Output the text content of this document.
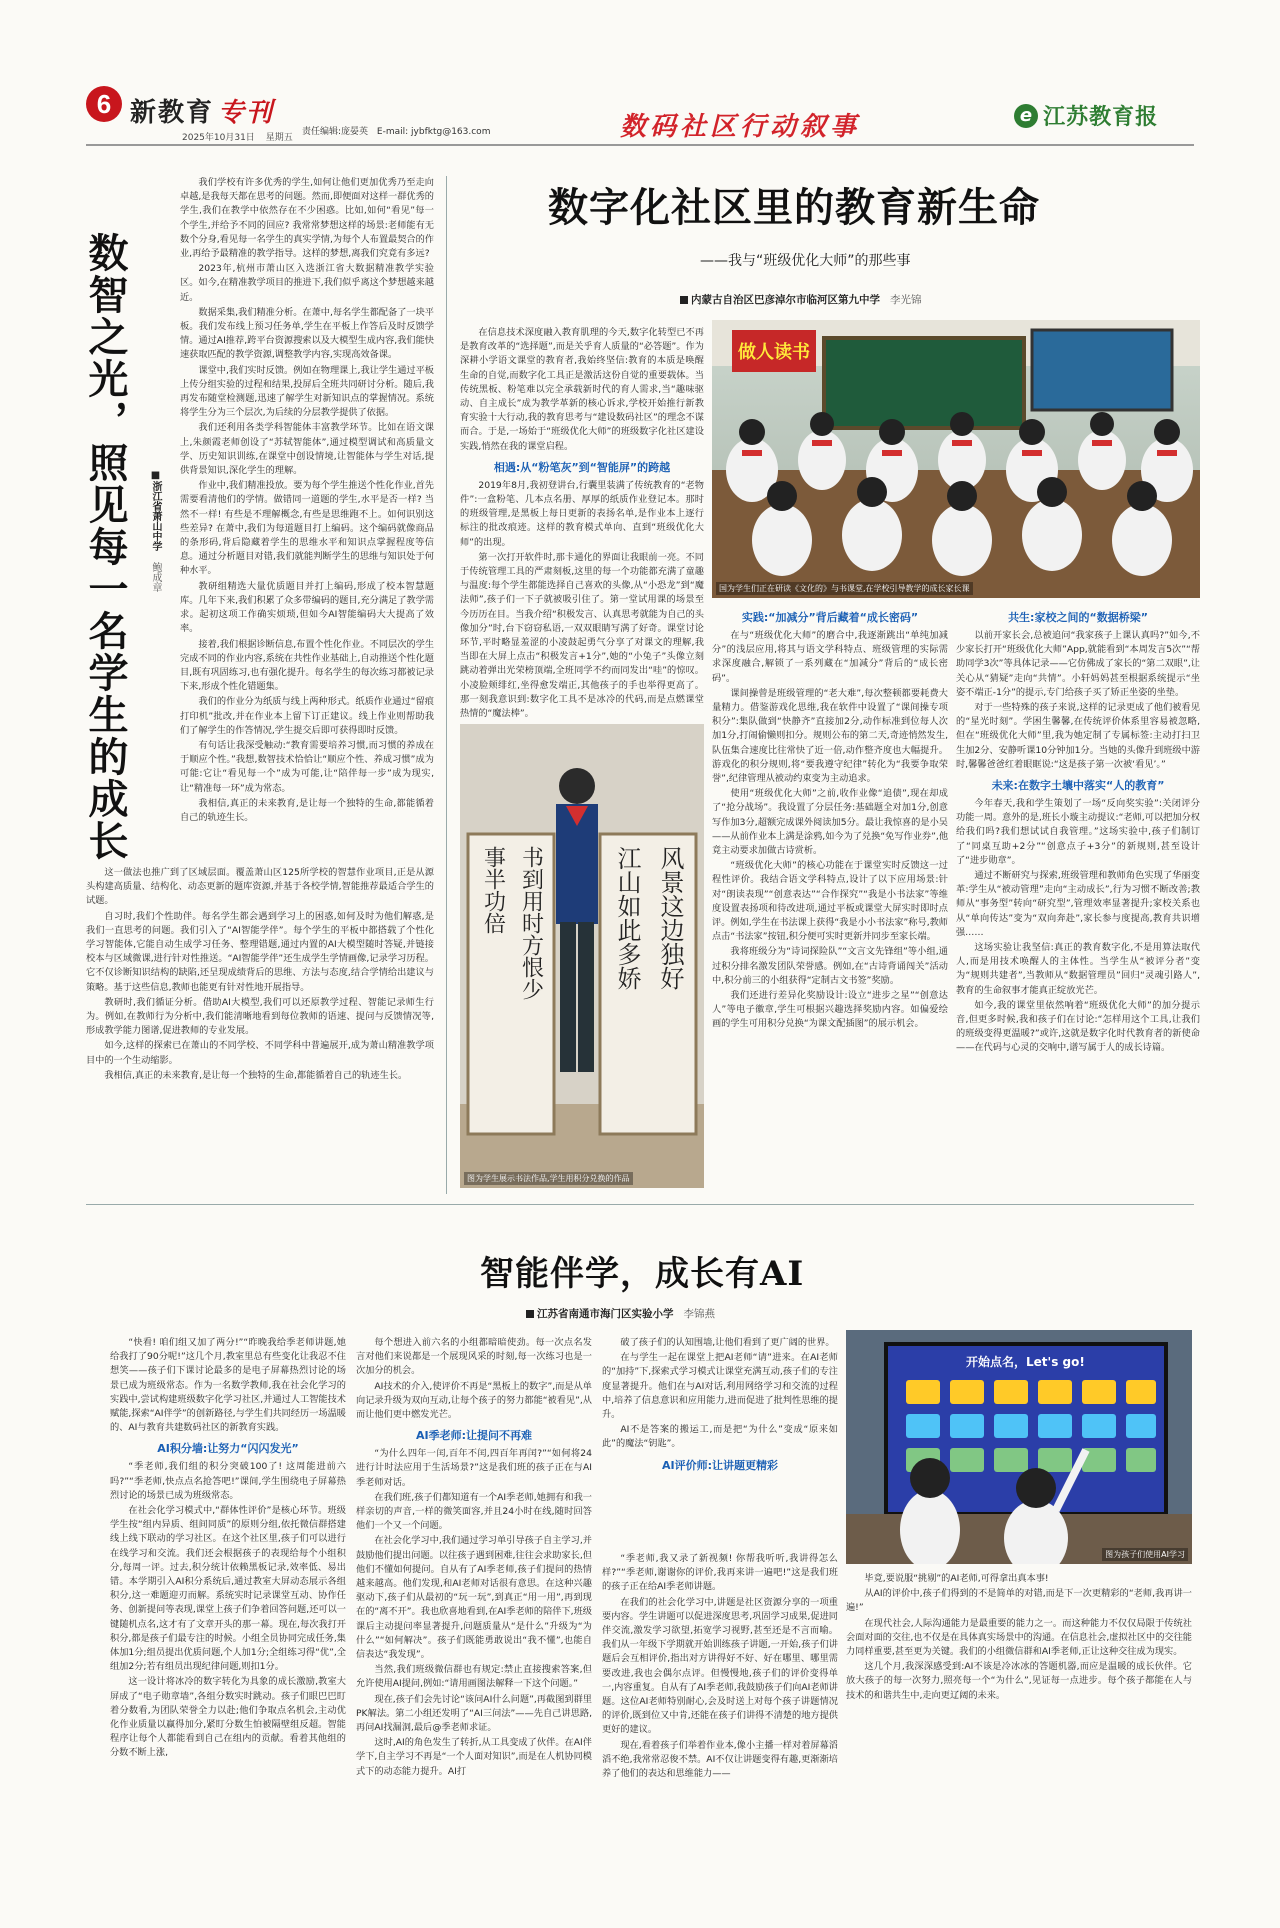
6 新教育 专刊
2025年10月31日 星期五
责任编辑:庞晏英 E-mail: jybfktg@163.com	数码社区行动叙事	e 江苏教育报
数智之光，照见每一名学生的成长	■浙江省萧山中学 鲍成章

我们学校有许多优秀的学生,如何让他们更加优秀乃至走向卓越,是我每天都在思考的问题。然而,即便面对这样一群优秀的学生,我们在教学中依然存在不少困惑。比如,如何“看见”每一个学生,并给予不同的回应? 我常常梦想这样的场景:老师能有无数个分身,看见每一名学生的真实学情,为每个人布置最契合的作业,再给予最精准的教学指导。这样的梦想,离我们究竟有多远?

2023年,杭州市萧山区入选浙江省大数据精准教学实验区。如今,在精准教学项目的推进下,我们似乎离这个梦想越来越近。

数据采集,我们精准分析。在萧中,每名学生都配备了一块平板。我们发布线上预习任务单,学生在平板上作答后及时反馈学情。通过AI推荐,跨平台资源搜索以及大模型生成内容,我们能快速获取匹配的教学资源,调整教学内容,实现高效备课。

课堂中,我们实时反馈。例如在物理课上,我让学生通过平板上传分组实验的过程和结果,投屏后全班共同研讨分析。随后,我再发布随堂检测题,迅速了解学生对新知识点的掌握情况。系统将学生分为三个层次,为后续的分层教学提供了依据。

我们还利用各类学科智能体丰富教学环节。比如在语文课上,朱颜霞老师创设了“苏轼智能体”,通过模型调试和高质量文学、历史知识训练,在课堂中创设情境,让智能体与学生对话,提供背景知识,深化学生的理解。

作业中,我们精准投放。要为每个学生推送个性化作业,首先需要看清他们的学情。做错同一道题的学生,水平是否一样? 当然不一样! 有些是不理解概念,有些是思维跑不上。如何识别这些差异? 在萧中,我们为每道题目打上编码。这个编码就像商品的条形码,背后隐藏着学生的思维水平和知识点掌握程度等信息。通过分析题目对错,我们就能判断学生的思维与知识处于何种水平。

教研组精选大量优质题目并打上编码,形成了校本智慧题库。几年下来,我们积累了众多带编码的题目,充分满足了教学需求。起初这项工作确实烦琐,但如今AI智能编码大大提高了效率。

接着,我们根据诊断信息,布置个性化作业。不同层次的学生完成不同的作业内容,系统在共性作业基础上,自动推送个性化题目,既有巩固练习,也有强化提升。每名学生的每次练习都被记录下来,形成个性化错题集。

我们的作业分为纸质与线上两种形式。纸质作业通过“留痕打印机”批改,并在作业本上留下订正建议。线上作业则帮助我们了解学生的作答情况,学生提交后即可获得即时反馈。

有句话让我深受触动:“教育需要培养习惯,而习惯的养成在于顺应个性。”我想,数智技术恰恰让“顺应个性、养成习惯”成为可能:它让“看见每一个”成为可能,让“陪伴每一步”成为现实,让“精准每一环”成为常态。

我相信,真正的未来教育,是让每一个独特的生命,都能循着自己的轨迹生长。

这一做法也推广到了区域层面。覆盖萧山区125所学校的智慧作业项目,正是从源头构建高质量、结构化、动态更新的题库资源,并基于各校学情,智能推荐最适合学生的试题。

自习时,我们个性助伴。每名学生都会遇到学习上的困惑,如何及时为他们解惑,是我们一直思考的问题。我们引入了“AI智能学伴”。每个学生的平板中都搭载了个性化学习智能体,它能自动生成学习任务、整理错题,通过内置的AI大模型随时答疑,并链接校本与区域微课,进行针对性推送。“AI智能学伴”还生成学生学情画像,记录学习历程。它不仅诊断知识结构的缺陷,还呈现成绩背后的思维、方法与态度,结合学情给出建议与策略。基于这些信息,教师也能更有针对性地开展指导。

教研时,我们循证分析。借助AI大模型,我们可以还原教学过程、智能记录师生行为。例如,在教师行为分析中,我们能清晰地看到每位教师的语速、提问与反馈情况等,形成教学能力图谱,促进教师的专业发展。

如今,这样的探索已在萧山的不同学校、不同学科中普遍展开,成为萧山精准教学项目中的一个生动缩影。

我相信,真正的未来教育,是让每一个独特的生命,都能循着自己的轨迹生长。

数字化社区里的教育新生命
——我与“班级优化大师”的那些事
内蒙古自治区巴彦淖尔市临河区第九中学 李光锦

在信息技术深度融入教育肌理的今天,数字化转型已不再是教育改革的“选择题”,而是关乎育人质量的“必答题”。作为深耕小学语文课堂的教育者,我始终坚信:教育的本质是唤醒生命的自觉,而数字化工具正是激活这份自觉的重要载体。当传统黑板、粉笔难以完全承载新时代的育人需求,当“趣味驱动、自主成长”成为教学革新的核心诉求,学校开始推行新教育实验十大行动,我的教育思考与“建设数码社区”的理念不谋而合。于是,一场始于“班级优化大师”的班级数字化社区建设实践,悄然在我的课堂启程。

相遇:从“粉笔灰”到“智能屏”的跨越

2019年8月,我初登讲台,行囊里装满了传统教育的“老物件”:一盒粉笔、几本点名册、厚厚的纸质作业登记本。那时的班级管理,是黑板上每日更新的表扬名单,是作业本上逐行标注的批改痕迹。这样的教育模式单向、直到“班级优化大师”的出现。

第一次打开软件时,那卡通化的界面让我眼前一亮。不同于传统管理工具的严肃刻板,这里的每一个功能都充满了童趣与温度:每个学生都能选择自己喜欢的头像,从“小恐龙”到“魔法师”,孩子们一下子就被吸引住了。第一堂试用课的场景至今历历在目。当我介绍“积极发言、认真思考就能为自己的头像加分”时,台下窃窃私语,一双双眼睛写满了好奇。课堂讨论环节,平时略显羞涩的小凌鼓起勇气分享了对课文的理解,我当即在大屏上点击“积极发言+1分”,她的“小兔子”头像立刻跳动着弹出光荣榜顶端,全班同学不约而同发出“哇”的惊叹。小凌脸颊绯红,坐得愈发端正,其他孩子的手也举得更高了。那一刻我意识到:数字化工具不是冰冷的代码,而是点燃课堂热情的“魔法棒”。

做人读书
国为学生们正在研读《文化的》与书课堂,在学校引导教学的成长家长课
书到用时方恨少
事半功倍	风景这边独好
江山如此多娇
图为学生展示书法作品,学生用积分兑换的作品
实践:“加减分”背后藏着“成长密码”

在与“班级优化大师”的磨合中,我逐渐跳出“单纯加减分”的浅层应用,将其与语文学科特点、班级管理的实际需求深度融合,解锁了一系列藏在“加减分”背后的“成长密码”。

课间操曾是班级管理的“老大难”,每次整顿都要耗费大量精力。借鉴游戏化思维,我在软件中设置了“课间操专项积分”:集队做到“快静齐”直接加2分,动作标准到位每人次加1分,打闹偷懒则扣分。规则公布的第二天,奇迹悄然发生,队伍集合速度比往常快了近一倍,动作整齐度也大幅提升。游戏化的积分规则,将“要我遵守纪律”转化为“我要争取荣誉”,纪律管理从被动约束变为主动追求。

使用“班级优化大师”之前,收作业像“追债”,现在却成了“抢分战场”。我设置了分层任务:基础题全对加1分,创意写作加3分,超额完成课外阅读加5分。最让我惊喜的是小吴——从前作业本上满是涂鸦,如今为了兑换“免写作业券”,他竟主动要求加做古诗赏析。

“班级优化大师”的核心功能在于课堂实时反馈这一过程性评价。我结合语文学科特点,设计了以下应用场景:针对“朗读表现”“创意表达”“合作探究”“我是小书法家”等维度设置表扬项和待改进项,通过平板或课堂大屏实时即时点评。例如,学生在书法课上获得“我是小小书法家”称号,教师点击“书法家”按钮,积分便可实时更新并同步至家长端。

我将班级分为“诗词探险队”“文言文先锋组”等小组,通过积分排名激发团队荣誉感。例如,在“古诗背诵闯关”活动中,积分前三的小组获得“定制古文书签”奖励。

我们还进行差异化奖励设计:设立“进步之星”“创意达人”等电子徽章,学生可根据兴趣选择奖励内容。如偏爱绘画的学生可用积分兑换“为课文配插图”的展示机会。

共生:家校之间的“数据桥梁”

以前开家长会,总被追问“我家孩子上课认真吗?”如今,不少家长打开“班级优化大师”App,就能看到“本周发言5次”“帮助同学3次”等具体记录——它仿佛成了家长的“第二双眼”,让关心从“猜疑”走向“共情”。小轩妈妈甚至根据系统提示“坐姿不端正-1分”的提示,专门给孩子买了矫正坐姿的坐垫。

对于一些特殊的孩子来说,这样的记录更成了他们被看见的“星光时刻”。学困生馨馨,在传统评价体系里容易被忽略,但在“班级优化大师”里,我为她定制了专属标签:主动打扫卫生加2分、安静听课10分钟加1分。当她的头像升到班级中游时,馨馨爸爸红着眼眶说:“这是孩子第一次被‘看见’。”

未来:在数字土壤中落实“人的教育”

今年春天,我和学生策划了一场“反向奖实验”:关闭评分功能一周。意外的是,班长小璇主动提议:“老师,可以把加分权给我们吗?我们想试试自我管理。”这场实验中,孩子们制订了“同桌互助+2分”“创意点子+3分”的新规则,甚至设计了“进步勋章”。

通过不断研究与探索,班级管理和教师角色实现了华丽变革:学生从“被动管理”走向“主动成长”,行为习惯不断改善;教师从“事务型”转向“研究型”,管理效率显著提升;家校关系也从“单向传达”变为“双向奔赴”,家长参与度提高,教育共识增强……

这场实验让我坚信:真正的教育数字化,不是用算法取代人,而是用技术唤醒人的主体性。当学生从“被评分者”变为“规则共建者”,当教师从“数据管理员”回归“灵魂引路人”,教育的生命叙事才能真正绽放光芒。

如今,我的课堂里依然响着“班级优化大师”的加分提示音,但更多时候,我和孩子们在讨论:“怎样用这个工具,让我们的班级变得更温暖?”或许,这就是数字化时代教育者的新使命——在代码与心灵的交响中,谱写属于人的成长诗篇。

智能伴学，成长有AI
江苏省南通市海门区实验小学 李锦燕

“快看! 咱们组又加了两分!”“昨晚我给季老师讲题,她给我打了90分呢!”这几个月,教室里总有些变化让我忍不住想笑——孩子们下课讨论最多的是电子屏幕热烈讨论的场景已成为班级常态。作为一名数学教师,我在社会化学习的实践中,尝试构建班级数字化学习社区,并通过人工智能技术赋能,探索“AI伴学”的创新路径,与学生们共同经历一场温暖的、AI与教育共建数码社区的新教育实践。

AI积分墙:让努力“闪闪发光”

“季老师,我们组的积分突破100了! 这周能进前六吗?”“季老师,快点点名抢答吧!”课间,学生围绕电子屏幕热烈讨论的场景已成为班级常态。

在社会化学习模式中,“群体性评价”是核心环节。班级学生按“组内异质、组间同质”的原则分组,依托微信群搭建线上线下联动的学习社区。在这个社区里,孩子们可以进行在线学习和交流。我们还会根据孩子的表现给每个小组积分,每周一评。过去,积分统计依赖黑板记录,效率低、易出错。本学期引入AI积分系统后,通过教室大屏动态展示各组积分,这一难题迎刃而解。系统实时记录课堂互动、协作任务、创新提问等表现,课堂上孩子们争着回答问题,还可以一键随机点名,这才有了文章开头的那一幕。现在,每次我打开积分,都是孩子们最专注的时候。小组全员协同完成任务,集体加1分;组员提出优质问题,个人加1分;全组练习得“优”,全组加2分;若有组员出现纪律问题,则扣1分。

这一设计将冰冷的数字转化为具象的成长激励,教室大屏成了“电子勋章墙”,各组分数实时跳动。孩子们眼巴巴盯着分数看,为团队荣誉全力以赴;他们争取点名机会,主动优化作业质量以赢得加分,紧盯分数生怕被隔壁组反超。智能程序让每个人都能看到自己在组内的贡献。看着其他组的分数不断上涨,

每个想进入前六名的小组都暗暗使劲。每一次点名发言对他们来说都是一个展现风采的时刻,每一次练习也是一次加分的机会。

AI技术的介入,使评价不再是“黑板上的数字”,而是从单向记录升级为双向互动,让每个孩子的努力都能“被看见”,从而让他们更中燃发光芒。

AI季老师:让提问不再难

“为什么四年一闰,百年不闰,四百年再闰?”“如何将24进行计时法应用于生活场景?”这是我们班的孩子正在与AI季老师对话。

在我们班,孩子们都知道有一个AI季老师,她拥有和我一样亲切的声音,一样的微笑面容,并且24小时在线,随时回答他们一个又一个问题。

在社会化学习中,我们通过学习单引导孩子自主学习,并鼓励他们提出问题。以往孩子遇到困难,往往会求助家长,但他们不懂如何提问。自从有了AI季老师,孩子们提问的热情越来越高。他们发现,和AI老师对话很有意思。在这种兴趣驱动下,孩子们从最初的“玩一玩”,到真正“用一用”,再到现在的“离不开”。我也欣喜地看到,在AI季老师的陪伴下,班级课后主动提问率显著提升,问题质量从“是什么”升级为“为什么”“如何解决”。孩子们既能勇敢说出“我不懂”,也能自信表达“我发现”。

当然,我们班级微信群也有规定:禁止直接搜索答案,但允许使用AI提问,例如:“请用画图法解释一下这个问题。”

现在,孩子们会先讨论“该问AI什么问题”,再截图到群里PK解法。第二小组还发明了“AI三问法”——先自己讲思路,再问AI找漏洞,最后@季老师求证。

这时,AI的角色发生了转折,从工具变成了伙伴。在AI伴学下,自主学习不再是“一个人面对知识”,而是在人机协同模式下的动态能力提升。AI打

破了孩子们的认知围墙,让他们看到了更广阔的世界。

在与学生一起在课堂上把AI老师“请”进来。在AI老师的“加持”下,探索式学习模式让课堂充满互动,孩子们的专注度显著提升。他们在与AI对话,利用网络学习和交流的过程中,培养了信息意识和应用能力,进而促进了批判性思维的提升。

AI不是答案的搬运工,而是把“为什么”变成“原来如此”的魔法“钥匙”。

AI评价师:让讲题更精彩

“季老师,我又录了新视频! 你帮我听听,我讲得怎么样?”“季老师,谢谢你的评价,我再来讲一遍吧!”这是我们班的孩子正在给AI季老师讲题。

在我们的社会化学习中,讲题是社区资源分享的一项重要内容。学生讲题可以促进深度思考,巩固学习成果,促进同伴交流,激发学习欲望,拓宽学习视野,甚至还是不言而喻。我们从一年级下学期就开始训练孩子讲题,一开始,孩子们讲题后会互相评价,指出对方讲得好不好、好在哪里、哪里需要改进,我也会偶尔点评。但慢慢地,孩子们的评价变得单一,内容重复。自从有了AI季老师,我鼓励孩子们向AI老师讲题。这位AI老师特别耐心,会及时送上对每个孩子讲题情况的评价,既到位又中肯,还能在孩子们讲得不清楚的地方提供更好的建议。

现在,看着孩子们举着作业本,像小主播一样对着屏幕滔滔不绝,我常常忍俊不禁。AI不仅让讲题变得有趣,更渐渐培养了他们的表达和思维能力——

开始点名，Let's go!
图为孩子们使用AI学习

毕竟,要说服“挑剔”的AI老师,可得拿出真本事!

从AI的评价中,孩子们得到的不是简单的对错,而是下一次更精彩的“老师,我再讲一遍!”

在现代社会,人际沟通能力是最重要的能力之一。而这种能力不仅仅局限于传统社会面对面的交往,也不仅是在具体真实场景中的沟通。在信息社会,虚拟社区中的交往能力同样重要,甚至更为关键。我们的小组微信群和AI季老师,正让这种交往成为现实。

这几个月,我深深感受到:AI不该是冷冰冰的答题机器,而应是温暖的成长伙伴。它放大孩子的每一次努力,照亮每一个“为什么”,见证每一点进步。每个孩子都能在人与技术的和谐共生中,走向更辽阔的未来。
